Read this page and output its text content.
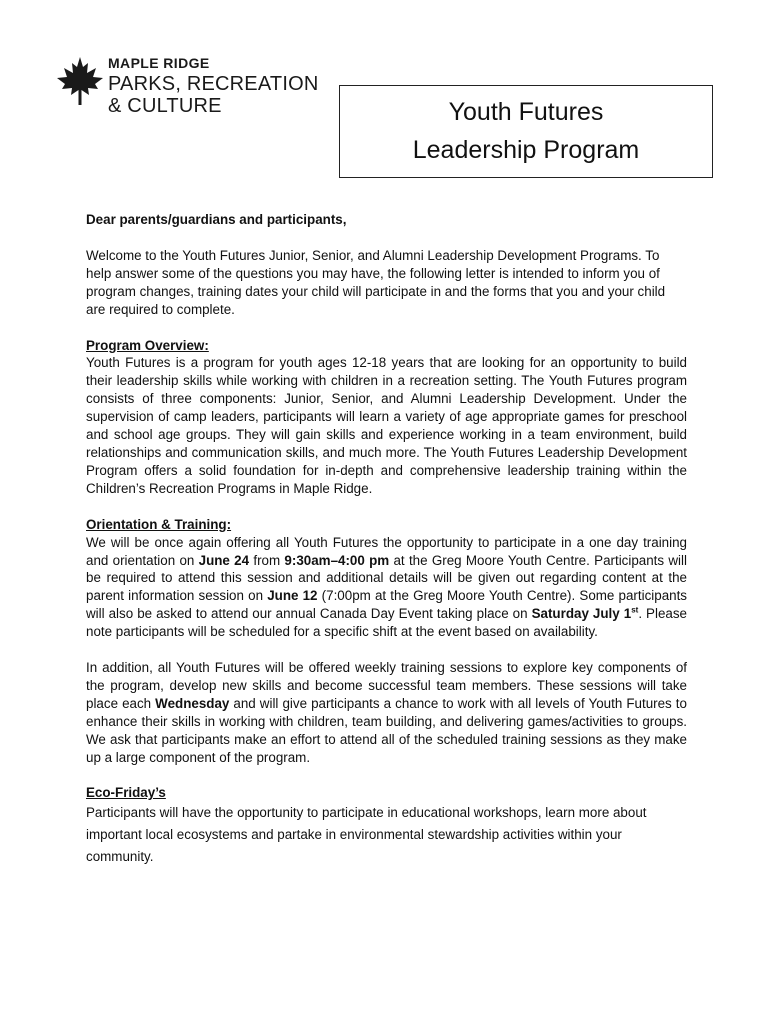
MAPLE RIDGE
PARKS, RECREATION
& CULTURE	Youth Futures
Leadership Program

Dear parents/guardians and participants,

Welcome to the Youth Futures Junior, Senior, and Alumni Leadership Development Programs. To help answer some of the questions you may have, the following letter is intended to inform you of program changes, training dates your child will participate in and the forms that you and your child are required to complete.

Program Overview:

Youth Futures is a program for youth ages 12-18 years that are looking for an opportunity to build their leadership skills while working with children in a recreation setting. The Youth Futures program consists of three components: Junior, Senior, and Alumni Leadership Development. Under the supervision of camp leaders, participants will learn a variety of age appropriate games for preschool and school age groups. They will gain skills and experience working in a team environment, build relationships and communication skills, and much more. The Youth Futures Leadership Development Program offers a solid foundation for in-depth and comprehensive leadership training within the Children’s Recreation Programs in Maple Ridge.

Orientation & Training:

We will be once again offering all Youth Futures the opportunity to participate in a one day training and orientation on June 24 from 9:30am–4:00 pm at the Greg Moore Youth Centre. Participants will be required to attend this session and additional details will be given out regarding content at the parent information session on June 12 (7:00pm at the Greg Moore Youth Centre). Some participants will also be asked to attend our annual Canada Day Event taking place on Saturday July 1st. Please note participants will be scheduled for a specific shift at the event based on availability.

In addition, all Youth Futures will be offered weekly training sessions to explore key components of the program, develop new skills and become successful team members. These sessions will take place each Wednesday and will give participants a chance to work with all levels of Youth Futures to enhance their skills in working with children, team building, and delivering games/activities to groups. We ask that participants make an effort to attend all of the scheduled training sessions as they make up a large component of the program.

Eco-Friday’s

Participants will have the opportunity to participate in educational workshops, learn more about important local ecosystems and partake in environmental stewardship activities within your community.
